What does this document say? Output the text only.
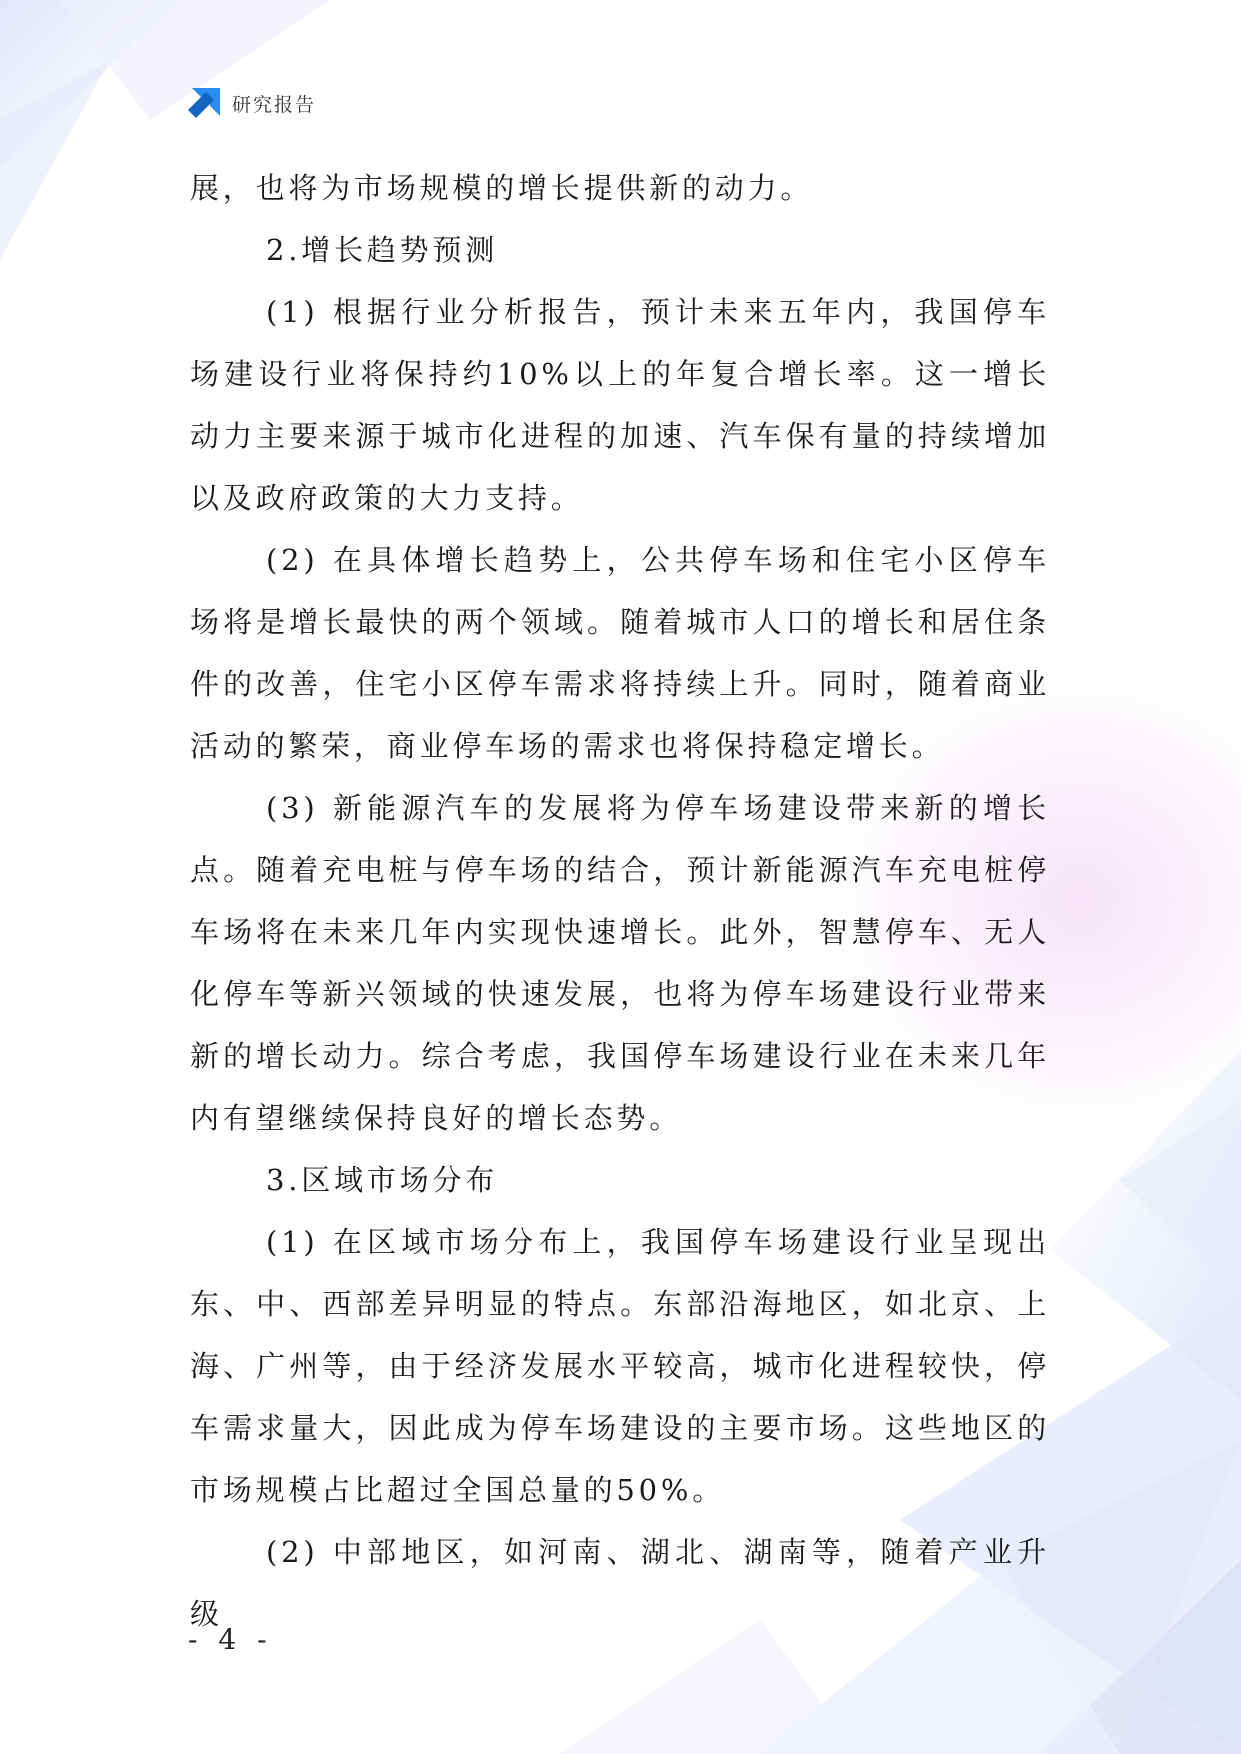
研究报告

展，也将为市场规模的增长提供新的动力。

2.增长趋势预测

(1) 根据行业分析报告，预计未来五年内，我国停车场建设行业将保持约10%以上的年复合增长率。这一增长动力主要来源于城市化进程的加速、汽车保有量的持续增加以及政府政策的大力支持。

(2) 在具体增长趋势上，公共停车场和住宅小区停车场将是增长最快的两个领域。随着城市人口的增长和居住条件的改善，住宅小区停车需求将持续上升。同时，随着商业活动的繁荣，商业停车场的需求也将保持稳定增长。

(3) 新能源汽车的发展将为停车场建设带来新的增长点。随着充电桩与停车场的结合，预计新能源汽车充电桩停车场将在未来几年内实现快速增长。此外，智慧停车、无人化停车等新兴领域的快速发展，也将为停车场建设行业带来新的增长动力。综合考虑，我国停车场建设行业在未来几年内有望继续保持良好的增长态势。

3.区域市场分布

(1) 在区域市场分布上，我国停车场建设行业呈现出东、中、西部差异明显的特点。东部沿海地区，如北京、上海、广州等，由于经济发展水平较高，城市化进程较快，停车需求量大，因此成为停车场建设的主要市场。这些地区的市场规模占比超过全国总量的50%。

(2) 中部地区，如河南、湖北、湖南等，随着产业升级

- 4 -
